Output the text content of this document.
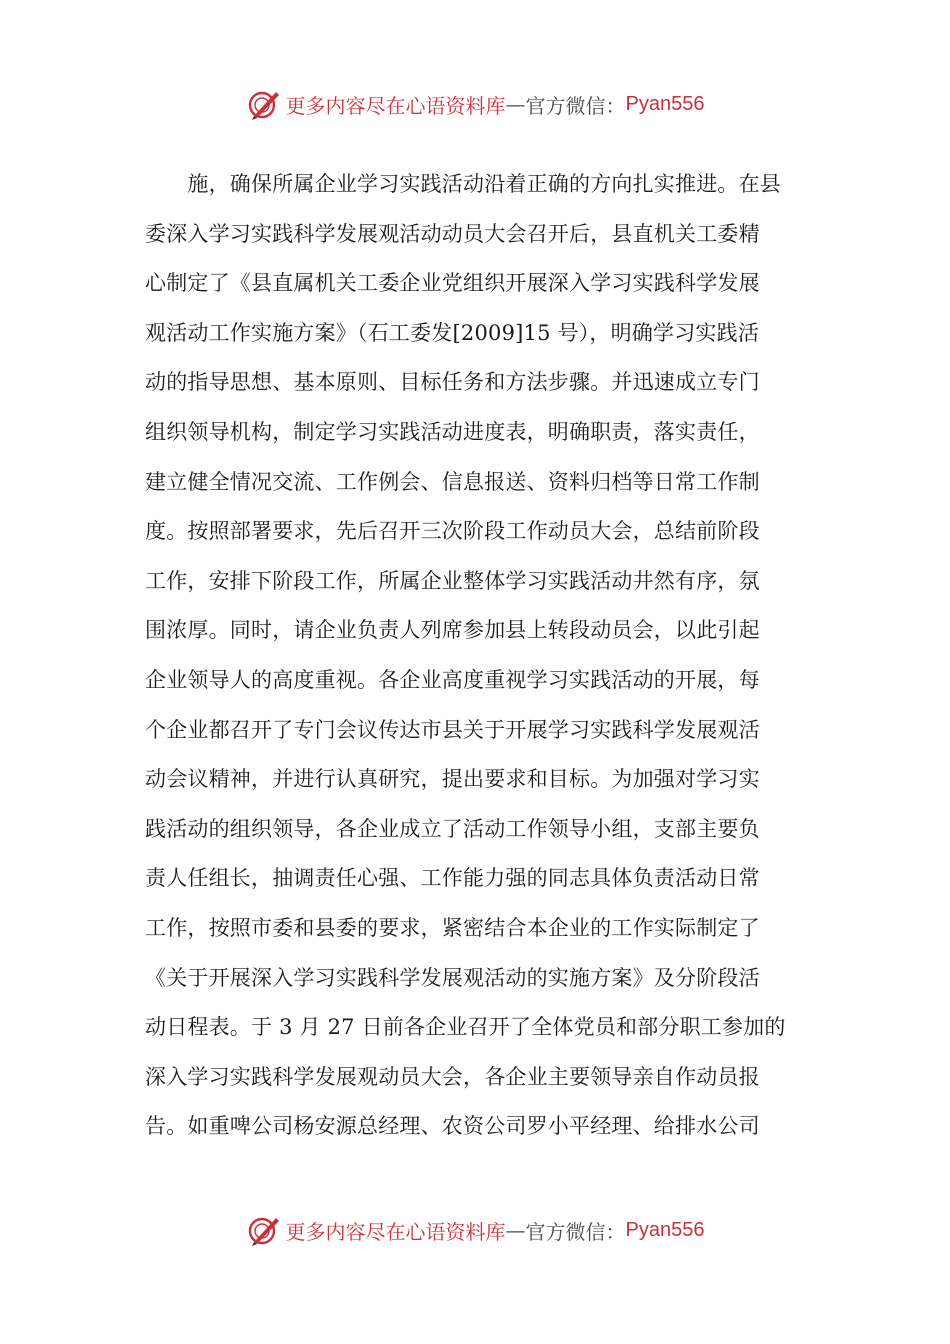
更多内容尽在心语资料库 — 官方微信： Pyan556
　　施，确保所属企业学习实践活动沿着正确的方向扎实推进。在县
委深入学习实践科学发展观活动动员大会召开后，县直机关工委精
心制定了《县直属机关工委企业党组织开展深入学习实践科学发展
观活动工作实施方案》（石工委发[2009]15 号），明确学习实践活
动的指导思想、基本原则、目标任务和方法步骤。并迅速成立专门
组织领导机构，制定学习实践活动进度表，明确职责，落实责任，
建立健全情况交流、工作例会、信息报送、资料归档等日常工作制
度。按照部署要求，先后召开三次阶段工作动员大会，总结前阶段
工作，安排下阶段工作，所属企业整体学习实践活动井然有序，氛
围浓厚。同时，请企业负责人列席参加县上转段动员会，以此引起
企业领导人的高度重视。各企业高度重视学习实践活动的开展，每
个企业都召开了专门会议传达市县关于开展学习实践科学发展观活
动会议精神，并进行认真研究，提出要求和目标。为加强对学习实
践活动的组织领导，各企业成立了活动工作领导小组，支部主要负
责人任组长，抽调责任心强、工作能力强的同志具体负责活动日常
工作，按照市委和县委的要求，紧密结合本企业的工作实际制定了
《关于开展深入学习实践科学发展观活动的实施方案》及分阶段活
动日程表。于 3 月 27 日前各企业召开了全体党员和部分职工参加的
深入学习实践科学发展观动员大会，各企业主要领导亲自作动员报
告。如重啤公司杨安源总经理、农资公司罗小平经理、给排水公司
更多内容尽在心语资料库 — 官方微信： Pyan556
